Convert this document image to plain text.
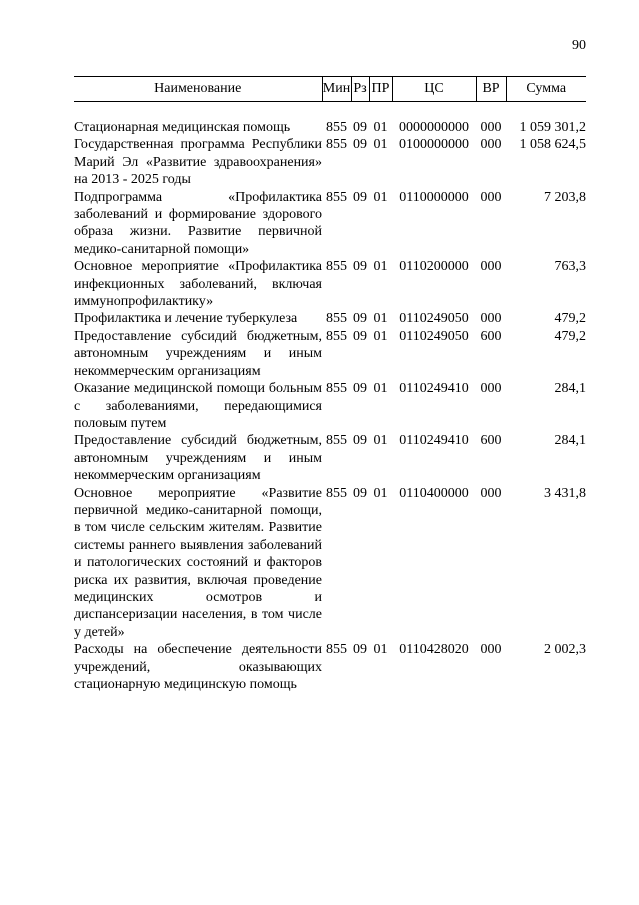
90
Наименование	Мин	Рз	ПР	ЦС	ВР	Сумма

Стационарная медицинская помощь	855	09	01	0000000000	000	1 059 301,2
Государственная программа Республики Марий Эл «Развитие здравоохранения» на 2013 - 2025 годы	855	09	01	0100000000	000	1 058 624,5
Подпрограмма «Профилактика заболеваний и формирование здорового образа жизни. Развитие первичной медико-санитарной помощи»	855	09	01	0110000000	000	7 203,8
Основное мероприятие «Профилактика инфекционных заболеваний, включая иммунопрофилактику»	855	09	01	0110200000	000	763,3
Профилактика и лечение туберкулеза	855	09	01	0110249050	000	479,2
Предоставление субсидий бюджетным, автономным учреждениям и иным некоммерческим организациям	855	09	01	0110249050	600	479,2
Оказание медицинской помощи больным с заболеваниями, передающимися половым путем	855	09	01	0110249410	000	284,1
Предоставление субсидий бюджетным, автономным учреждениям и иным некоммерческим организациям	855	09	01	0110249410	600	284,1
Основное мероприятие «Развитие первичной медико-санитарной помощи, в том числе сельским жителям. Развитие системы раннего выявления заболеваний и патологических состояний и факторов риска их развития, включая проведение медицинских осмотров и диспансеризации населения, в том числе у детей»	855	09	01	0110400000	000	3 431,8
Расходы на обеспечение деятельности учреждений, оказывающих стационарную медицинскую помощь	855	09	01	0110428020	000	2 002,3
